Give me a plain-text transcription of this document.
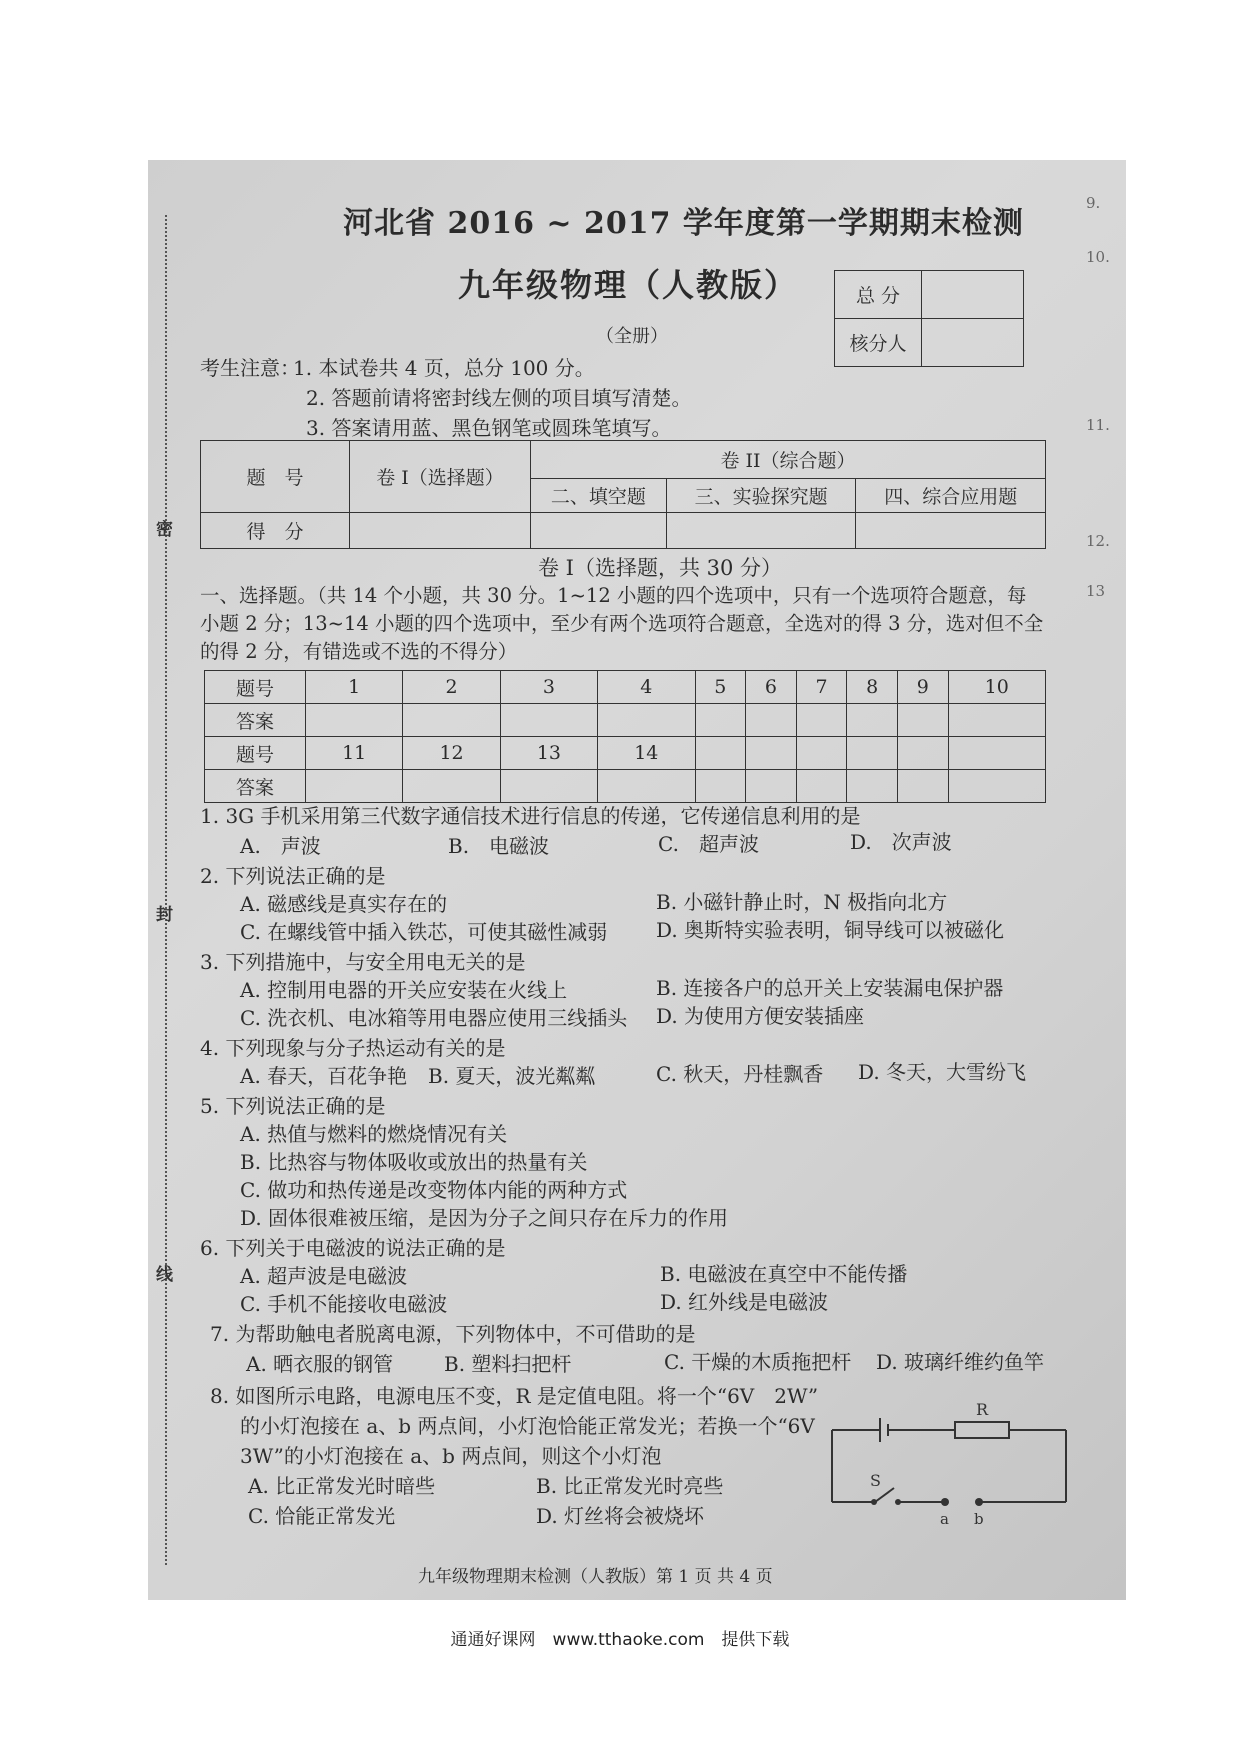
密
封
线
9.
10.
11.
12.
13
河北省 2016 ~ 2017 学年度第一学期期末检测
九年级物理（人教版）
（全册）
总 分	
核分人	
考生注意：
1. 本试卷共 4 页，总分 100 分。
2. 答题前请将密封线左侧的项目填写清楚。
3. 答案请用蓝、黑色钢笔或圆珠笔填写。
题　号	卷 I（选择题）	卷 II（综合题）		
		二、填空题	三、实验探究题	四、综合应用题
得　分				
卷 I（选择题，共 30 分）
一、选择题。（共 14 个小题，共 30 分。1~12 小题的四个选项中，只有一个选项符合题意，每
小题 2 分；13~14 小题的四个选项中，至少有两个选项符合题意，全选对的得 3 分，选对但不全
的得 2 分，有错选或不选的不得分）
题号	1	2	3	4	5	6	7	8	9	10
答案										
题号	11	12	13	14						
答案										
1. 3G 手机采用第三代数字通信技术进行信息的传递，它传递信息利用的是
A.　声波	B.　电磁波	C.　超声波	D.　次声波
2. 下列说法正确的是
A. 磁感线是真实存在的	B. 小磁针静止时，N 极指向北方
C. 在螺线管中插入铁芯，可使其磁性减弱 D. 奥斯特实验表明，铜导线可以被磁化
3. 下列措施中，与安全用电无关的是
A. 控制用电器的开关应安装在火线上	B. 连接各户的总开关上安装漏电保护器
C. 洗衣机、电冰箱等用电器应使用三线插头 D. 为使用方便安装插座
4. 下列现象与分子热运动有关的是
A. 春天，百花争艳 B. 夏天，波光粼粼	C. 秋天，丹桂飘香 D. 冬天，大雪纷飞
5. 下列说法正确的是
A. 热值与燃料的燃烧情况有关
B. 比热容与物体吸收或放出的热量有关
C. 做功和热传递是改变物体内能的两种方式
D. 固体很难被压缩，是因为分子之间只存在斥力的作用
6. 下列关于电磁波的说法正确的是
A. 超声波是电磁波	B. 电磁波在真空中不能传播
C. 手机不能接收电磁波	D. 红外线是电磁波
7. 为帮助触电者脱离电源，下列物体中，不可借助的是
A. 晒衣服的钢管	B. 塑料扫把杆	C. 干燥的木质拖把杆 D. 玻璃纤维约鱼竿
8. 如图所示电路，电源电压不变，R 是定值电阻。将一个“6V　2W”
的小灯泡接在 a、b 两点间，小灯泡恰能正常发光；若换一个“6V
3W”的小灯泡接在 a、b 两点间，则这个小灯泡
A. 比正常发光时暗些	B. 比正常发光时亮些
C. 恰能正常发光	D. 灯丝将会被烧坏
R
S
a b
九年级物理期末检测（人教版）第 1 页 共 4 页
通通好课网　www.tthaoke.com　提供下载
